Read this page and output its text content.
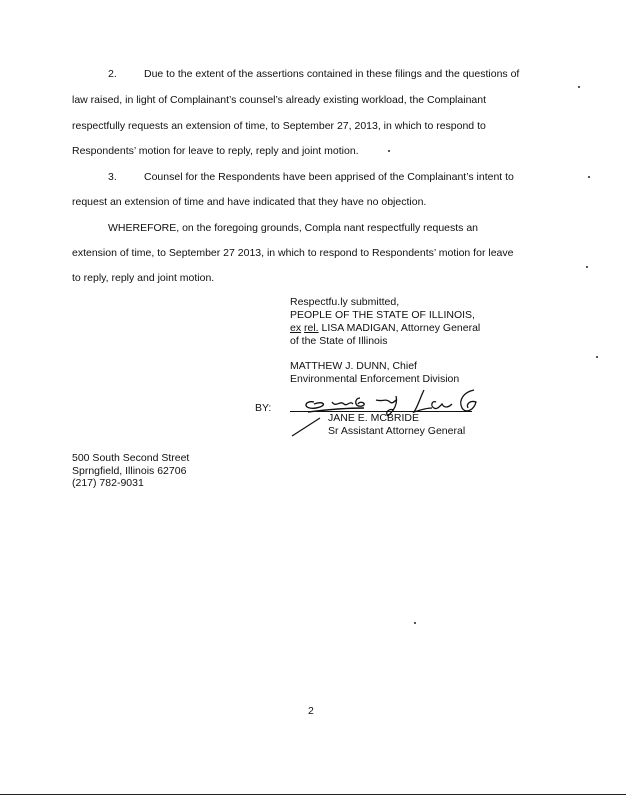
2.	Due to the extent of the assertions contained in these filings and the questions of
law raised, in light of Complainant’s counsel’s already existing workload, the Complainant
respectfully requests an extension of time, to September 27, 2013, in which to respond to
Respondents’ motion for leave to reply, reply and joint motion.
3.	Counsel for the Respondents have been apprised of the Complainant’s intent to
request an extension of time and have indicated that they have no objection.
WHEREFORE, on the foregoing grounds, Compla nant respectfully requests an
extension of time, to September 27 2013, in which to respond to Respondents’ motion for leave
to reply, reply and joint motion.
Respectfu.ly submitted,
PEOPLE OF THE STATE OF ILLINOIS,
ex rel. LISA MADIGAN, Attorney General
of the State of Illinois
MATTHEW J. DUNN, Chief
Environmental Enforcement Division
BY:
JANE E. MCBRIDE
Sr Assistant Attorney General
500 South Second Street
Sprngfield, Illinois 62706
(217) 782-9031
2
